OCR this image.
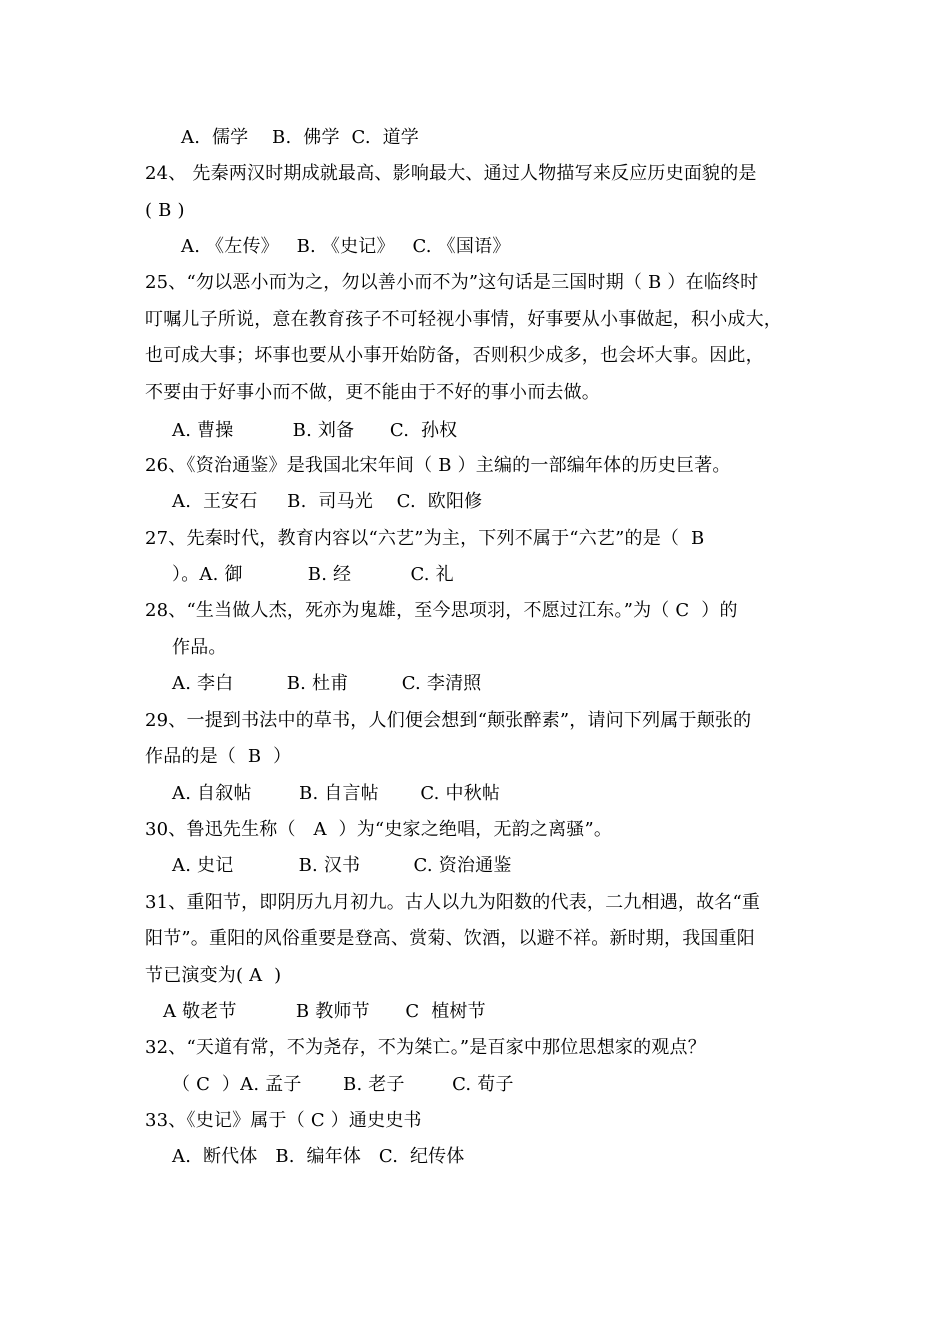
A.  儒学    B.  佛学  C.  道学
24、 先秦两汉时期成就最高、影响最大、通过人物描写来反应历史面貌的是
( B )
A. 《左传》   B. 《史记》   C. 《国语》
25、“勿以恶小而为之，勿以善小而不为”这句话是三国时期（ B ）在临终时
叮嘱儿子所说，意在教育孩子不可轻视小事情，好事要从小事做起，积小成大，
也可成大事；坏事也要从小事开始防备，否则积少成多，也会坏大事。因此，
不要由于好事小而不做，更不能由于不好的事小而去做。
A. 曹操          B. 刘备      C.  孙权
26、《资治通鉴》是我国北宋年间（ B ）主编的一部编年体的历史巨著。
A.  王安石     B.  司马光    C.  欧阳修
27、先秦时代，教育内容以“六艺”为主，下列不属于“六艺”的是（  B
）。A. 御           B. 经          C. 礼
28、“生当做人杰，死亦为鬼雄，至今思项羽，不愿过江东。”为（ C  ）的
作品。
A. 李白         B. 杜甫         C. 李清照
29、一提到书法中的草书，人们便会想到“颠张醉素”，请问下列属于颠张的
作品的是（  B  ）
A. 自叙帖        B. 自言帖       C. 中秋帖
30、鲁迅先生称（   A  ）为“史家之绝唱，无韵之离骚”。
A. 史记           B. 汉书         C. 资治通鉴
31、重阳节，即阴历九月初九。古人以九为阳数的代表，二九相遇，故名“重
阳节”。重阳的风俗重要是登高、赏菊、饮酒，以避不祥。新时期，我国重阳
节已演变为( A  )
A 敬老节          B 教师节      C  植树节
32、“天道有常，不为尧存，不为桀亡。”是百家中那位思想家的观点？
（ C  ）A. 孟子       B. 老子        C. 荀子
33、《史记》属于（ C ）通史史书
A.  断代体   B.  编年体   C.  纪传体
